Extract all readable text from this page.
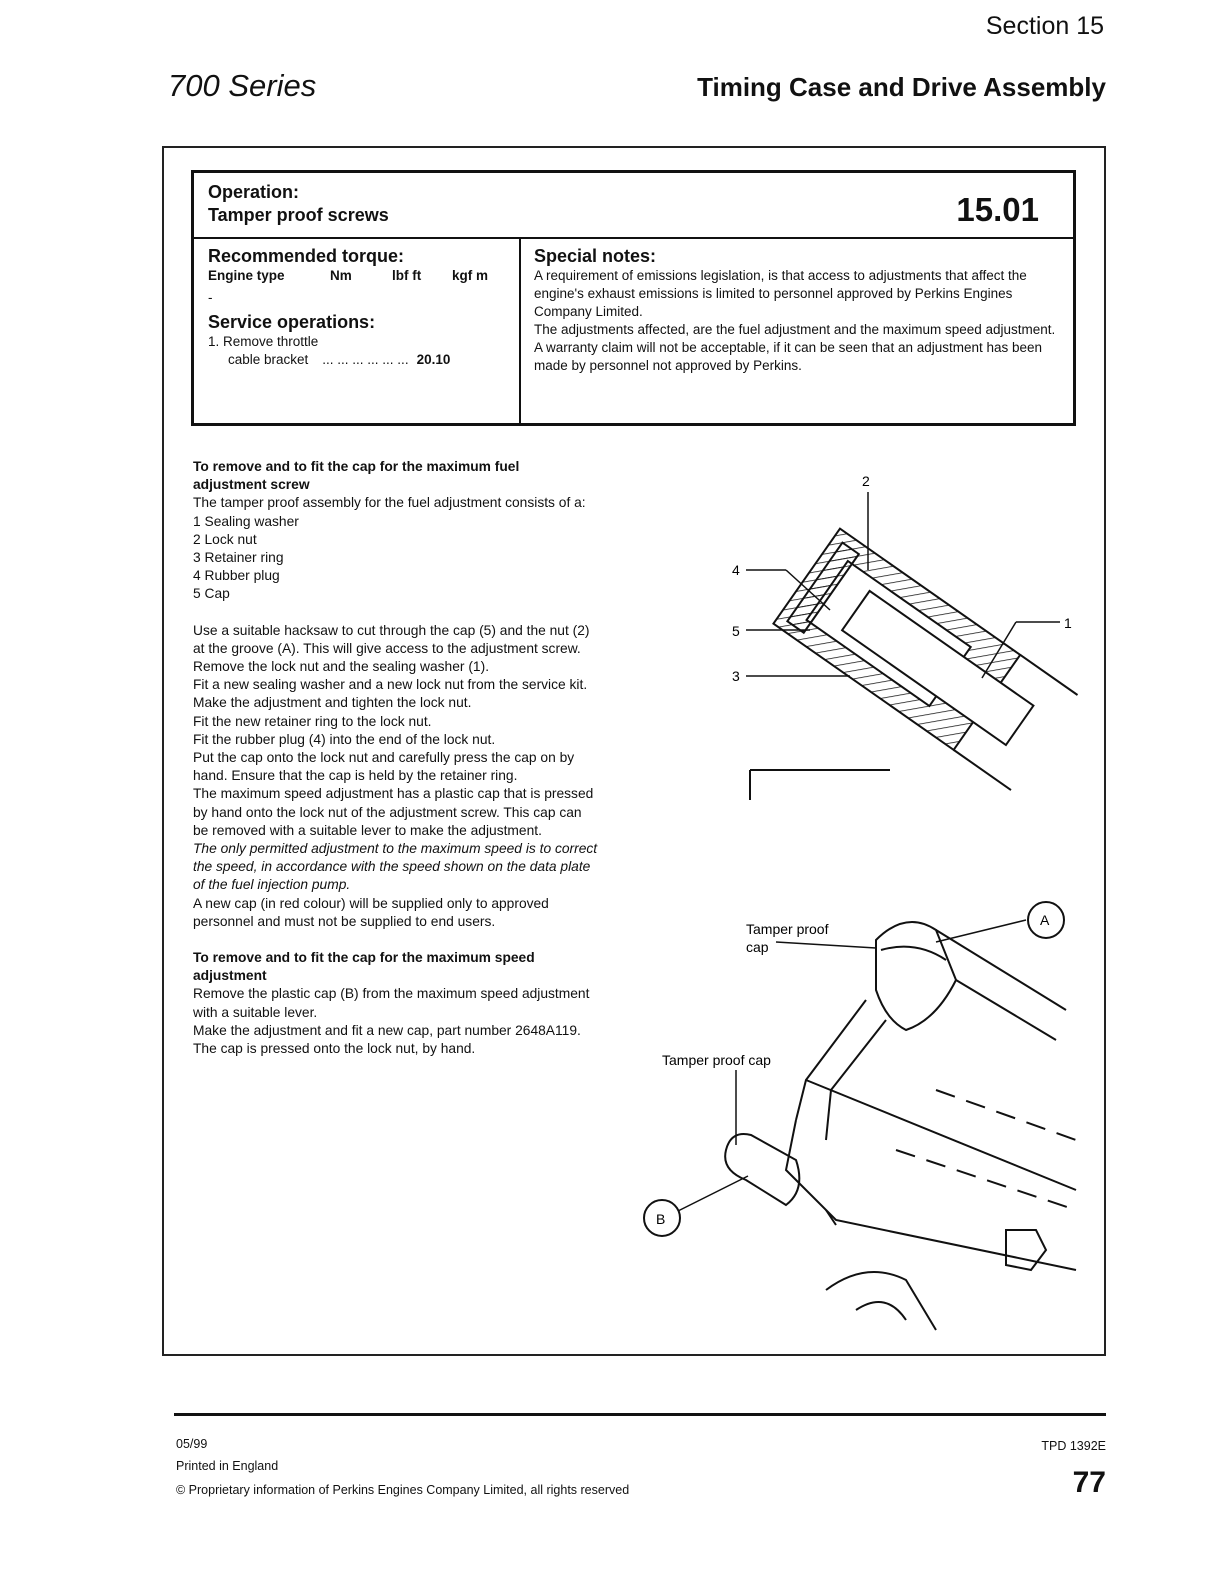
Section 15
700 Series	Timing Case and Drive Assembly
Operation:
Tamper proof screws	15.01
Recommended torque:
Engine type	Nm	lbf ft	kgf m
-
Service operations:
1. Remove throttle
cable bracket ... ... ... ... ... ... 20.10
Special notes:
A requirement of emissions legislation, is that access to adjustments that affect the engine's exhaust emissions is limited to personnel approved by Perkins Engines Company Limited.
The adjustments affected, are the fuel adjustment and the maximum speed adjustment. A warranty claim will not be acceptable, if it can be seen that an adjustment has been made by personnel not approved by Perkins.

To remove and to fit the cap for the maximum fuel

adjustment screw

The tamper proof assembly for the fuel adjustment consists of a:

1 Sealing washer

2 Lock nut

3 Retainer ring

4 Rubber plug

5 Cap

Use a suitable hacksaw to cut through the cap (5) and the nut (2)

at the groove (A). This will give access to the adjustment screw.

Remove the lock nut and the sealing washer (1).

Fit a new sealing washer and a new lock nut from the service kit.

Make the adjustment and tighten the lock nut.

Fit the new retainer ring to the lock nut.

Fit the rubber plug (4) into the end of the lock nut.

Put the cap onto the lock nut and carefully press the cap on by

hand. Ensure that the cap is held by the retainer ring.

The maximum speed adjustment has a plastic cap that is pressed

by hand onto the lock nut of the adjustment screw. This cap can

be removed with a suitable lever to make the adjustment.

The only permitted adjustment to the maximum speed is to correct

the speed, in accordance with the speed shown on the data plate

of the fuel injection pump.

A new cap (in red colour) will be supplied only to approved

personnel and must not be supplied to end users.

To remove and to fit the cap for the maximum speed

adjustment

Remove the plastic cap (B) from the maximum speed adjustment

with a suitable lever.

Make the adjustment and fit a new cap, part number 2648A119.

The cap is pressed onto the lock nut, by hand.

2
1
4
5
3
A
B
Tamper proof
cap
Tamper proof cap
05/99
Printed in England
© Proprietary information of Perkins Engines Company Limited, all rights reserved
TPD 1392E
77
